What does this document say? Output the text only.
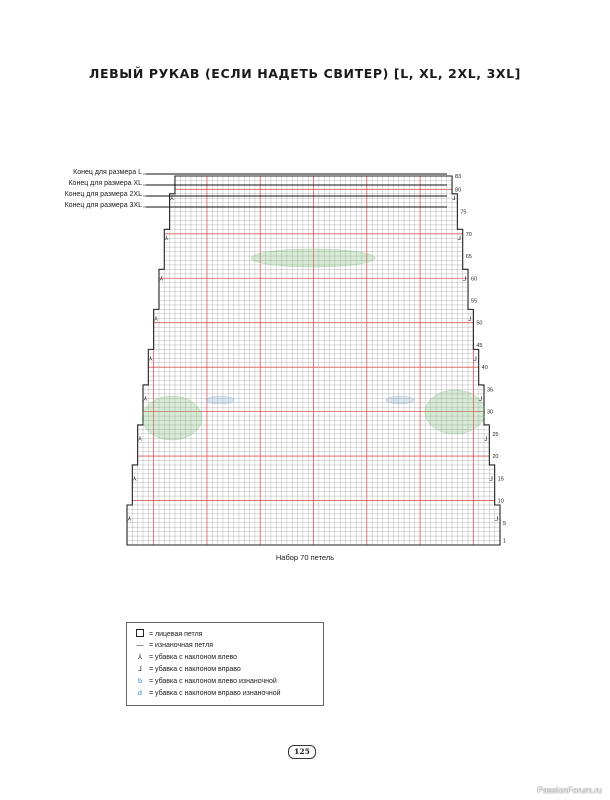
ЛЕВЫЙ РУКАВ (ЕСЛИ НАДЕТЬ СВИТЕР) [L, XL, 2XL, 3XL]
1
5
10
15
20
25
30
35
40
45
50
55
60
65
70
75
80
83
⅄	⅃
⅄	⅃
⅄	⅃
⅄	⅃
⅄	⅃
⅄	⅃
⅄	⅃
⅄	⅃
⅄	⅃
Конец для размера L
Конец для размера XL
Конец для размера 2XL
Конец для размера 3XL
Набор 70 петель
= лицевая петля
— = изнаночная петля
⅄ = убавка с наклоном влево
⅃ = убавка с наклоном вправо
ᑲ = убавка с наклоном влево изнаночной
ᑯ = убавка с наклоном вправо изнаночной
125
PassionForum.ru
